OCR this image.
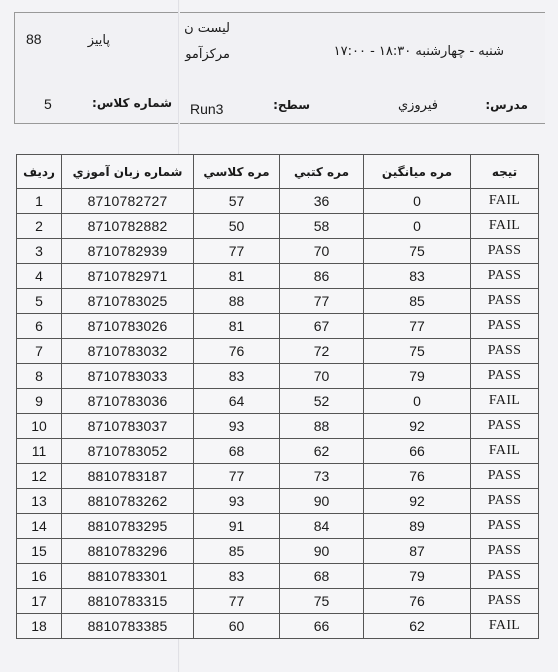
88	پاییز
لیست ن
مرکزآمو	شنبه - چهارشنبه ۱۸:۳۰ - ۱۷:۰۰
5	شماره کلاس: Run3	سطح:	فیروزي	مدرس:
ردیف	شماره زبان آموزي	مره کلاسي	مره کتبي	مره میانگین	تیجه
1	8710782727	57	36	0	FAIL
2	8710782882	50	58	0	FAIL
3	8710782939	77	70	75	PASS
4	8710782971	81	86	83	PASS
5	8710783025	88	77	85	PASS
6	8710783026	81	67	77	PASS
7	8710783032	76	72	75	PASS
8	8710783033	83	70	79	PASS
9	8710783036	64	52	0	FAIL
10	8710783037	93	88	92	PASS
11	8710783052	68	62	66	FAIL
12	8810783187	77	73	76	PASS
13	8810783262	93	90	92	PASS
14	8810783295	91	84	89	PASS
15	8810783296	85	90	87	PASS
16	8810783301	83	68	79	PASS
17	8810783315	77	75	76	PASS
18	8810783385	60	66	62	FAIL
